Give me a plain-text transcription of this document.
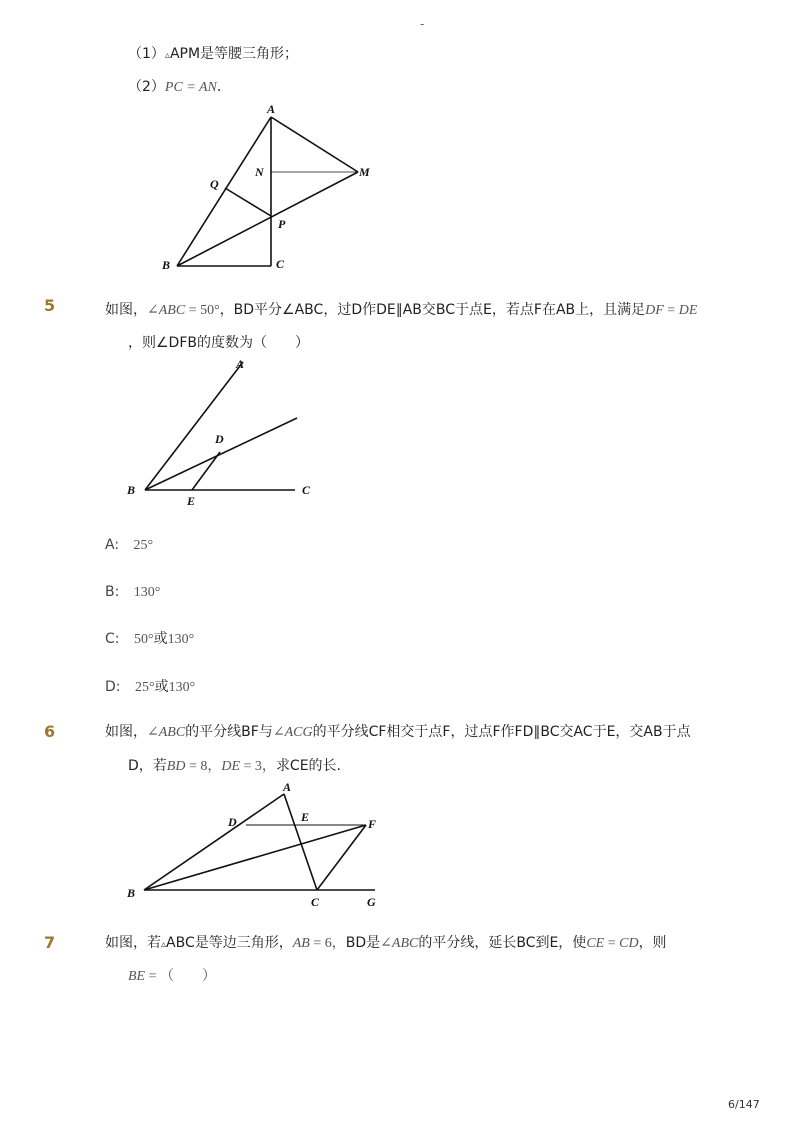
-
（1）▵APM是等腰三角形；
（2）PC = AN.
A
N	M
Q
P
B	C
5	如图，∠ABC = 50°，BD平分∠ABC，过D作DE∥AB交BC于点E，若点F在AB上，且满足DF = DE
，则∠DFB的度数为（　　）
A
D
B
E
C
A: 25°
B: 130°
C: 50°或130°
D: 25°或130°
6	如图，∠ABC的平分线BF与∠ACG的平分线CF相交于点F，过点F作FD∥BC交AC于E，交AB于点
D，若BD = 8，DE = 3，求CE的长.
A
D	E	F
B
C	G
7	如图，若▵ABC是等边三角形，AB = 6，BD是∠ABC的平分线，延长BC到E，使CE = CD，则
BE = （　　）
6/147
